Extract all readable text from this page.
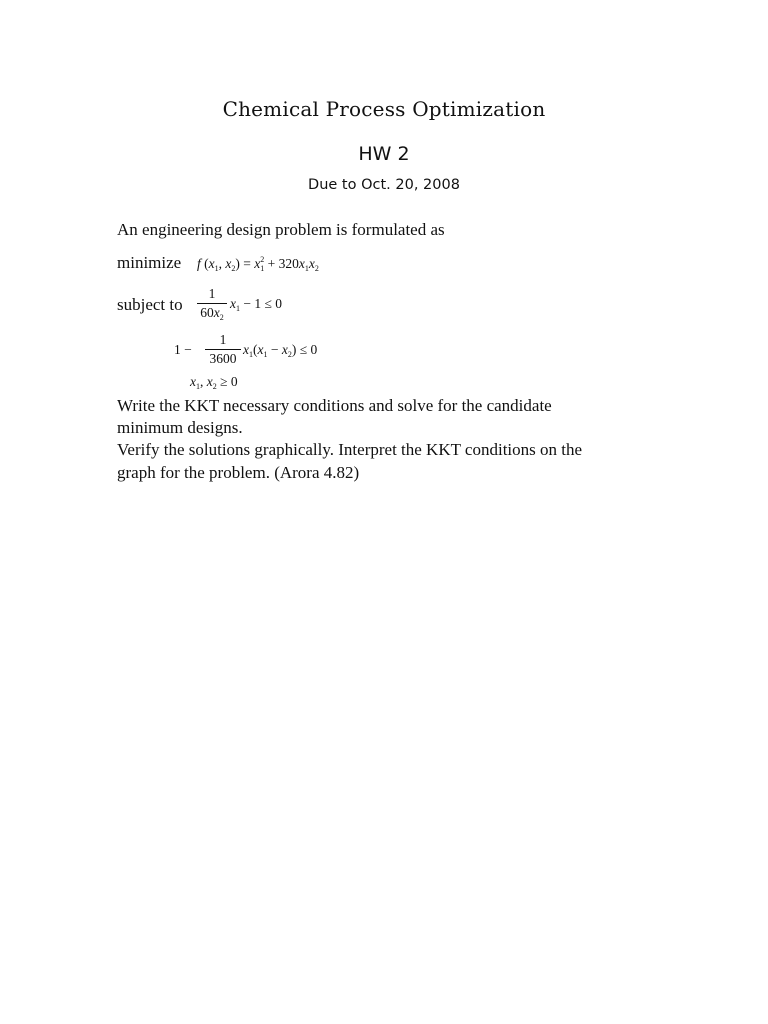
Chemical Process Optimization
HW 2
Due to Oct. 20, 2008
An engineering design problem is formulated as
minimize f ($x_1$, $x_2) = x_1^2 + 320x_1x_2$
subject to $\frac{1}{60x_2} x_1 - 1 \le 0$
$1 - \frac{1}{3600} x_1(x_1 - x_2) \le 0$
$x_1$, $x_2 \ge 0$
Write the KKT necessary conditions and solve for the candidate
minimum designs.
Verify the solutions graphically. Interpret the KKT conditions on the
graph for the problem. (Arora 4.82)
